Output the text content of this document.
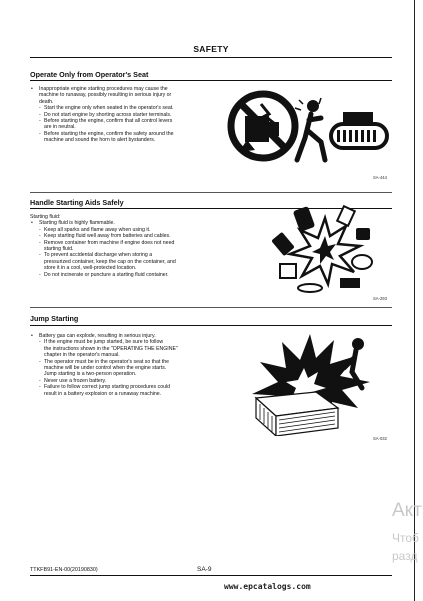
SAFETY
Operate Only from Operator's Seat
• Inappropriate engine starting procedures may cause the
machine to runaway, possibly resulting in serious injury or
death.
- Start the engine only when seated in the operator's seat.
- Do not start engine by shorting across starter terminals.
- Before starting the engine, confirm that all control levers
are in neutral.
- Before starting the engine, confirm the safety around the
machine and sound the horn to alert bystanders.
SA-444
Handle Starting Aids Safely
Starting fluid:
• Starting fluid is highly flammable.
- Keep all sparks and flame away when using it.
- Keep starting fluid well away from batteries and cables.
- Remove container from machine if engine does not need
starting fluid.
- To prevent accidental discharge when storing a
pressurized container, keep the cap on the container, and
store it in a cool, well-protected location.
- Do not incinerate or puncture a starting fluid container.
SA-293
Jump Starting
• Battery gas can explode, resulting in serious injury.
- If the engine must be jump started, be sure to follow
the instructions shown in the "OPERATING THE ENGINE"
chapter in the operator's manual.
- The operator must be in the operator's seat so that the
machine will be under control when the engine starts.
Jump starting is a two-person operation.
- Never use a frozen battery.
- Failure to follow correct jump starting procedures could
result in a battery explosion or a runaway machine.
SA-032
Акт
Чтоб
разд
TTKFB91-EN-00(20190830)	SA-9
www.epcatalogs.com
